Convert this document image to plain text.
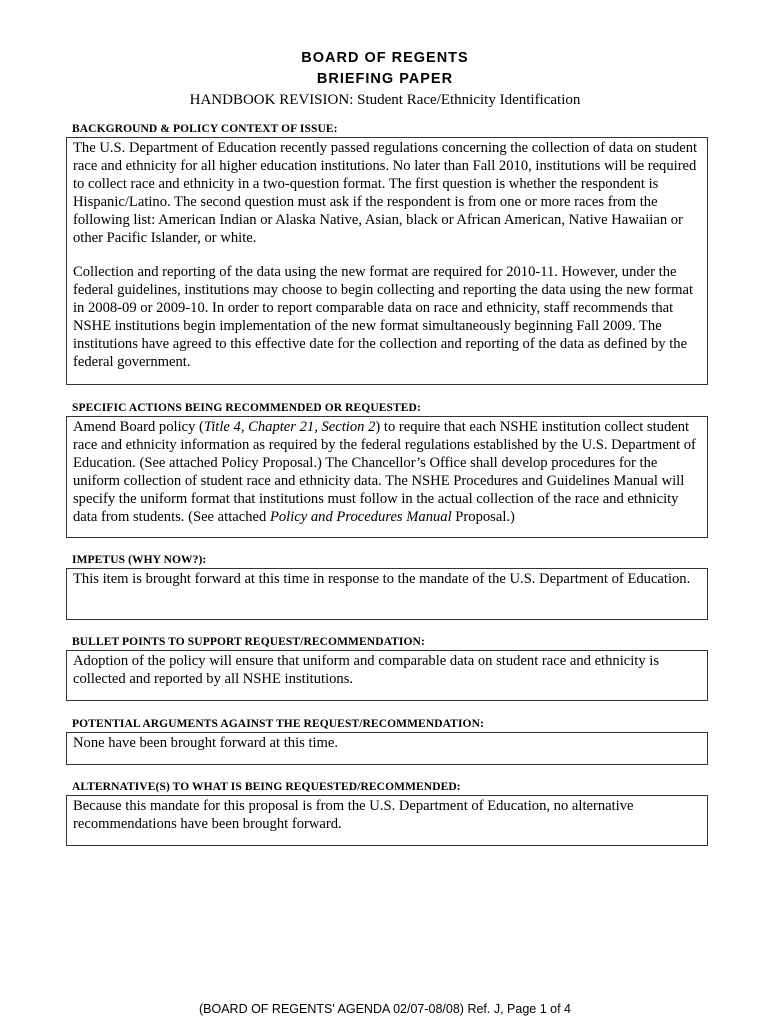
BOARD OF REGENTS
BRIEFING PAPER
HANDBOOK REVISION: Student Race/Ethnicity Identification
BACKGROUND & POLICY CONTEXT OF ISSUE:

The U.S. Department of Education recently passed regulations concerning the collection of data on student race and ethnicity for all higher education institutions. No later than Fall 2010, institutions will be required to collect race and ethnicity in a two-question format. The first question is whether the respondent is Hispanic/Latino. The second question must ask if the respondent is from one or more races from the following list: American Indian or Alaska Native, Asian, black or African American, Native Hawaiian or other Pacific Islander, or white.

Collection and reporting of the data using the new format are required for 2010-11. However, under the federal guidelines, institutions may choose to begin collecting and reporting the data using the new format in 2008-09 or 2009-10. In order to report comparable data on race and ethnicity, staff recommends that NSHE institutions begin implementation of the new format simultaneously beginning Fall 2009. The institutions have agreed to this effective date for the collection and reporting of the data as defined by the federal government.

SPECIFIC ACTIONS BEING RECOMMENDED OR REQUESTED:

Amend Board policy (Title 4, Chapter 21, Section 2) to require that each NSHE institution collect student race and ethnicity information as required by the federal regulations established by the U.S. Department of Education. (See attached Policy Proposal.) The Chancellor’s Office shall develop procedures for the uniform collection of student race and ethnicity data. The NSHE Procedures and Guidelines Manual will specify the uniform format that institutions must follow in the actual collection of the race and ethnicity data from students. (See attached Policy and Procedures Manual Proposal.)

IMPETUS (WHY NOW?):

This item is brought forward at this time in response to the mandate of the U.S. Department of Education.

BULLET POINTS TO SUPPORT REQUEST/RECOMMENDATION:

Adoption of the policy will ensure that uniform and comparable data on student race and ethnicity is collected and reported by all NSHE institutions.

POTENTIAL ARGUMENTS AGAINST THE REQUEST/RECOMMENDATION:

None have been brought forward at this time.

ALTERNATIVE(S) TO WHAT IS BEING REQUESTED/RECOMMENDED:

Because this mandate for this proposal is from the U.S. Department of Education, no alternative recommendations have been brought forward.

(BOARD OF REGENTS' AGENDA 02/07-08/08) Ref. J, Page 1 of 4
